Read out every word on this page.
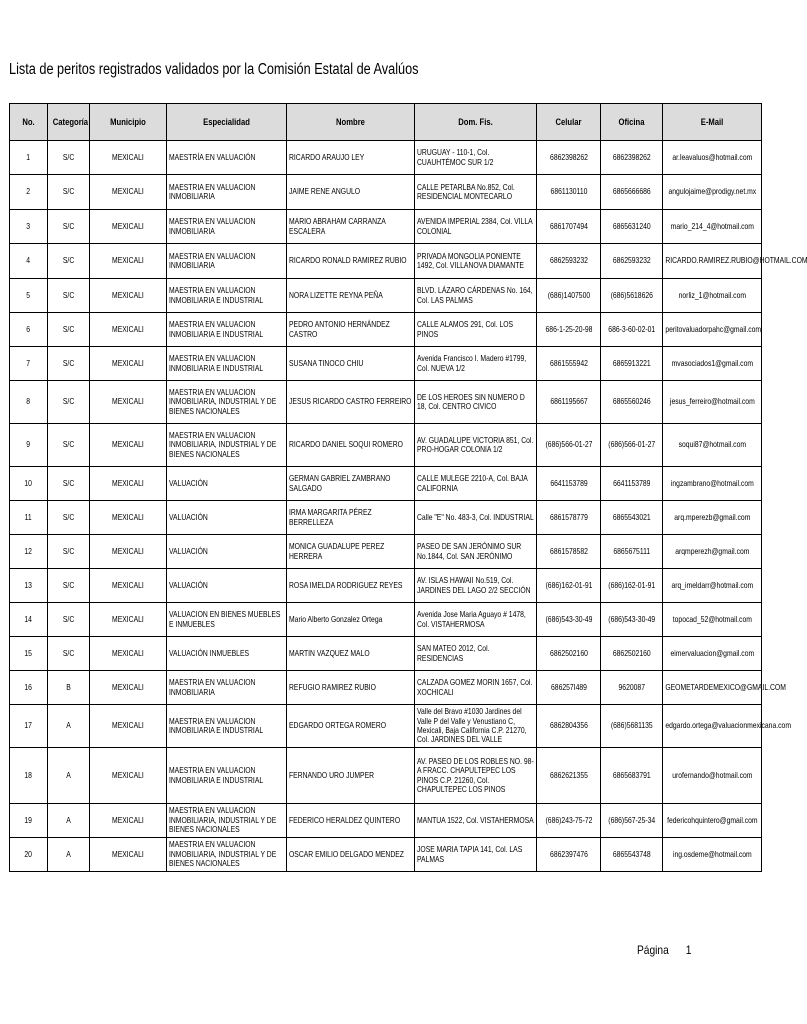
Lista de peritos registrados validados por la Comisión Estatal de Avalúos
No.	Categoría	Municipio	Especialidad	Nombre	Dom. Fis.	Celular	Oficina	E-Mail

1	S/C	MEXICALI	MAESTRÍA EN VALUACIÓN	RICARDO ARAUJO LEY	URUGUAY - 110-1, Col. CUAUHTÉMOC SUR 1/2	6862398262	6862398262	ar.leavaluos@hotmail.com

2	S/C	MEXICALI	MAESTRIA EN VALUACION INMOBILIARIA	JAIME RENE ANGULO	CALLE PETARLBA No.852, Col. RESIDENCIAL MONTECARLO	6861130110	6865666686	angulojaime@prodigy.net.mx

3	S/C	MEXICALI	MAESTRIA EN VALUACION INMOBILIARIA	MARIO ABRAHAM CARRANZA ESCALERA	AVENIDA IMPERIAL 2384, Col. VILLA COLONIAL	6861707494	6865631240	mario_214_4@hotmail.com

4	S/C	MEXICALI	MAESTRIA EN VALUACION INMOBILIARIA	RICARDO RONALD RAMIREZ RUBIO	PRIVADA MONGOLIA PONIENTE 1492, Col. VILLANOVA DIAMANTE	6862593232	6862593232	RICARDO.RAMIREZ.RUBIO@HOTMAIL.COM

5	S/C	MEXICALI	MAESTRIA EN VALUACION INMOBILIARIA E INDUSTRIAL	NORA LIZETTE REYNA PEÑA	BLVD. LÁZARO CÁRDENAS No. 164, Col. LAS PALMAS	(686)1407500	(686)5618626	norliz_1@hotmail.com

6	S/C	MEXICALI	MAESTRIA EN VALUACION INMOBILIARIA E INDUSTRIAL	PEDRO ANTONIO HERNÁNDEZ CASTRO	CALLE ALAMOS 291, Col. LOS PINOS	686-1-25-20-98	686-3-60-02-01	peritovaluadorpahc@gmail.com

7	S/C	MEXICALI	MAESTRIA EN VALUACION INMOBILIARIA E INDUSTRIAL	SUSANA TINOCO CHIU	Avenida Francisco I. Madero #1799, Col. NUEVA 1/2	6861555942	6865913221	mvasociados1@gmail.com

8	S/C	MEXICALI	MAESTRIA EN VALUACION INMOBILIARIA, INDUSTRIAL Y DE BIENES NACIONALES	JESUS RICARDO CASTRO FERREIRO	DE LOS HEROES SIN NUMERO D 18, Col. CENTRO CIVICO	6861195667	6865560246	jesus_ferreiro@hotmail.com

9	S/C	MEXICALI	MAESTRIA EN VALUACION INMOBILIARIA, INDUSTRIAL Y DE BIENES NACIONALES	RICARDO DANIEL SOQUI ROMERO	AV. GUADALUPE VICTORIA 851, Col. PRO-HOGAR COLONIA 1/2	(686)566-01-27	(686)566-01-27	soqui87@hotmail.com

10	S/C	MEXICALI	VALUACIÓN	GERMAN GABRIEL ZAMBRANO SALGADO	CALLE MULEGE 2210-A, Col. BAJA CALIFORNIA	6641153789	6641153789	ingzambrano@hotmail.com

11	S/C	MEXICALI	VALUACIÓN	IRMA MARGARITA PÉREZ BERRELLEZA	Calle "E" No. 483-3, Col. INDUSTRIAL	6861578779	6865543021	arq.mperezb@gmail.com

12	S/C	MEXICALI	VALUACIÓN	MONICA GUADALUPE PEREZ HERRERA	PASEO DE SAN JERÓNIMO SUR No.1844, Col. SAN JERÓNIMO	6861578582	6865675111	arqmperezh@gmail.com

13	S/C	MEXICALI	VALUACIÓN	ROSA IMELDA RODRIGUEZ REYES	AV. ISLAS HAWAII No.519, Col. JARDINES DEL LAGO 2/2 SECCIÓN	(686)162-01-91	(686)162-01-91	arq_imeldarr@hotmail.com

14	S/C	MEXICALI	VALUACION EN BIENES MUEBLES E INMUEBLES	Mario Alberto Gonzalez Ortega	Avenida Jose Maria Aguayo # 1478, Col. VISTAHERMOSA	(686)543-30-49	(686)543-30-49	topocad_52@hotmail.com

15	S/C	MEXICALI	VALUACIÓN INMUEBLES	MARTIN VAZQUEZ MALO	SAN MATEO 2012, Col. RESIDENCIAS	6862502160	6862502160	eimervaluacion@gmail.com

16	B	MEXICALI	MAESTRIA EN VALUACION INMOBILIARIA	REFUGIO RAMIREZ RUBIO	CALZADA GOMEZ MORIN 1657, Col. XOCHICALI	686257I489	9620087	GEOMETARDEMEXICO@GMAIL.COM

17	A	MEXICALI	MAESTRIA EN VALUACION INMOBILIARIA E INDUSTRIAL	EDGARDO ORTEGA ROMERO	Valle del Bravo #1030 Jardines del Valle P del Valle y Venustiano C, Mexicali, Baja California C.P. 21270, Col. JARDINES DEL VALLE	6862804356	(686)5681135	edgardo.ortega@valuacionmexicana.com

18	A	MEXICALI	MAESTRIA EN VALUACION INMOBILIARIA E INDUSTRIAL	FERNANDO URO JUMPER	AV. PASEO DE LOS ROBLES NO. 98-A FRACC. CHAPULTEPEC LOS PINOS C.P. 21260, Col. CHAPULTEPEC LOS PINOS	6862621355	6865683791	urofernando@hotmail.com

19	A	MEXICALI	MAESTRIA EN VALUACION INMOBILIARIA, INDUSTRIAL Y DE BIENES NACIONALES	FEDERICO HERALDEZ QUINTERO	MANTUA 1522, Col. VISTAHERMOSA	(686)243-75-72	(686)567-25-34	federicohquintero@gmail.com

20	A	MEXICALI	MAESTRIA EN VALUACION INMOBILIARIA, INDUSTRIAL Y DE BIENES NACIONALES	OSCAR EMILIO DELGADO MENDEZ	JOSE MARIA TAPIA 141, Col. LAS PALMAS	6862397476	6865543748	ing.osdeme@hotmail.com
Página 1
